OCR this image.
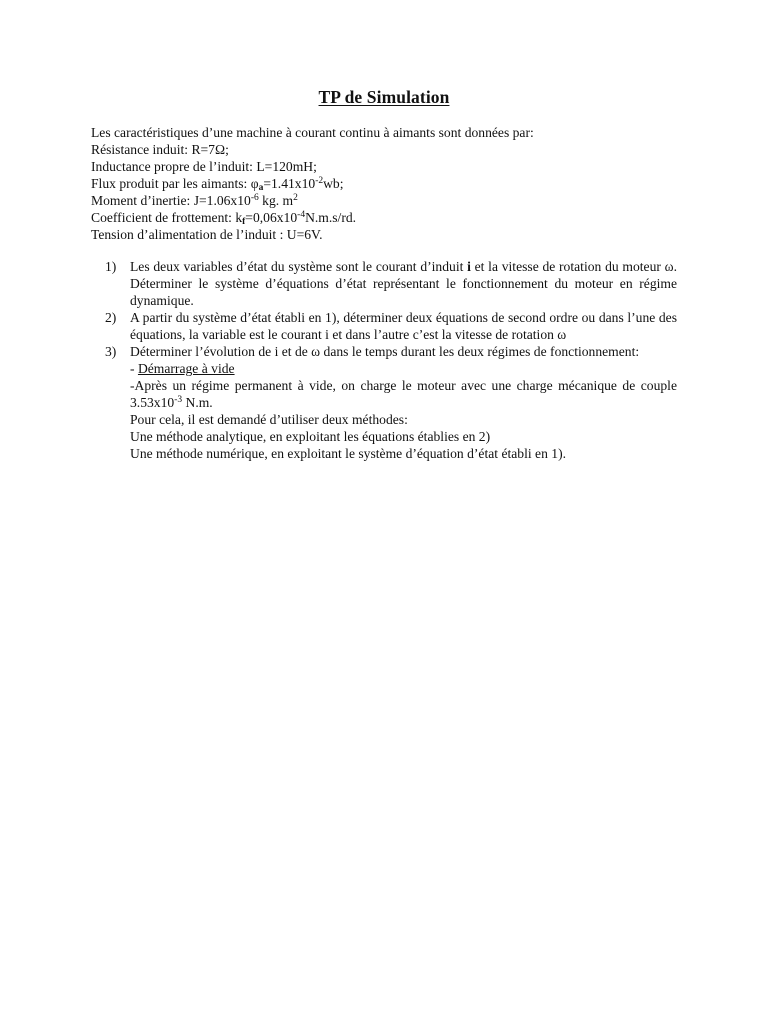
TP de Simulation
Les caractéristiques d’une machine à courant continu à aimants sont données par:
Résistance induit: R=7Ω;
Inductance propre de l’induit: L=120mH;
Flux produit par les aimants: $\varphi_a=1.41x10^{-2}wb$;
Moment d’inertie: $J=1.06x10^{-6}$ kg. $m^2$
Coefficient de frottement: $k_f=0,06x10^{-4}N.m.s/rd$.
Tension d’alimentation de l’induit : U=6V.
1) Les deux variables d’état du système sont le courant d’induit i et la vitesse de rotation du moteur ω. Déterminer le système d’équations d’état représentant le fonctionnement du moteur en régime dynamique.
2) A partir du système d’état établi en 1), déterminer deux équations de second ordre ou dans l’une des équations, la variable est le courant i et dans l’autre c’est la vitesse de rotation ω
3) Déterminer l’évolution de i et de ω dans le temps durant les deux régimes de fonctionnement:
- Démarrage à vide
-Après un régime permanent à vide, on charge le moteur avec une charge mécanique de couple $3.53x10^{-3}$ N.m.
Pour cela, il est demandé d’utiliser deux méthodes:
Une méthode analytique, en exploitant les équations établies en 2)
Une méthode numérique, en exploitant le système d’équation d’état établi en 1).
